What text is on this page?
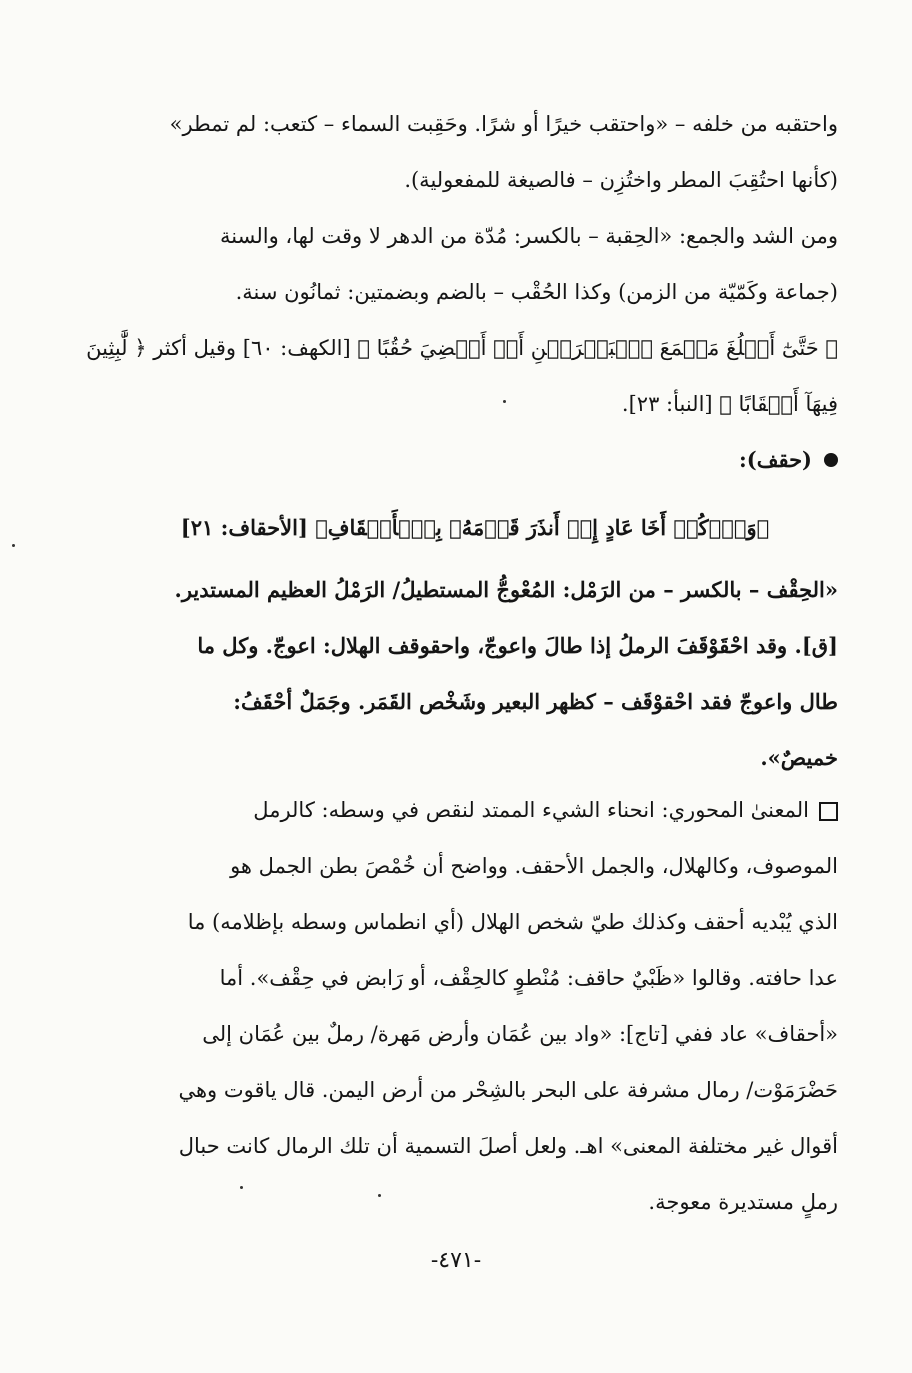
واحتقبه من خلفه – «واحتقب خيرًا أو شرًا. وحَقِبت السماء – كتعب: لم تمطر»
(كأنها احتُقِبَ المطر واختُزِن – فالصيغة للمفعولية).
ومن الشد والجمع: «الحِقبة – بالكسر: مُدّة من الدهر لا وقت لها، والسنة
(جماعة وكَمّيّة من الزمن) وكذا الحُقْب – بالضم وبضمتين: ثمانُون سنة.
﴿ حَتَّىٰٓ أَبۡلُغَ مَجۡمَعَ ٱلۡبَحۡرَيۡنِ أَوۡ أَمۡضِيَ حُقُبًا ﴾ [الكهف: ٦٠] وقيل أكثر ﴿ لَّٰبِثِينَ
فِيهَآ أَحۡقَابًا ﴾ [النبأ: ٢٣].
(حقف):
﴿وَٱذۡكُرۡ أَخَا عَادٍ إِذۡ أَنذَرَ قَوۡمَهُۥ بِٱلۡأَحۡقَافِ﴾ [الأحقاف: ٢١]
«الحِقْف – بالكسر – من الرَمْل: المُعْوجُّ المستطيلُ/ الرَمْلُ العظيم المستدير.
[ق]. وقد احْقَوْقَفَ الرملُ إذا طالَ واعوجّ، واحقوقف الهلال: اعوجّ. وكل ما
طال واعوجّ فقد احْقوْقَف – كظهر البعير وشَخْص القَمَر. وجَمَلٌ أحْقَفُ:
خميصٌ».
المعنىٰ المحوري: انحناء الشيء الممتد لنقص في وسطه: كالرمل
الموصوف، وكالهلال، والجمل الأحقف. وواضح أن خُمْصَ بطن الجمل هو
الذي يُبْديه أحقف وكذلك طيّ شخص الهلال (أي انطماس وسطه بإظلامه) ما
عدا حافته. وقالوا «ظَبْيٌ حاقف: مُنْطوٍ كالحِقْف، أو رَابض في حِقْف». أما
«أحقاف» عاد ففي [تاج]: «واد بين عُمَان وأرض مَهرة/ رملٌ بين عُمَان إلى
حَضْرَمَوْت/ رمال مشرفة على البحر بالشِحْر من أرض اليمن. قال ياقوت وهي
أقوال غير مختلفة المعنى» اهـ. ولعل أصلَ التسمية أن تلك الرمال كانت حبال
رملٍ مستديرة معوجة.
-٤٧١-
